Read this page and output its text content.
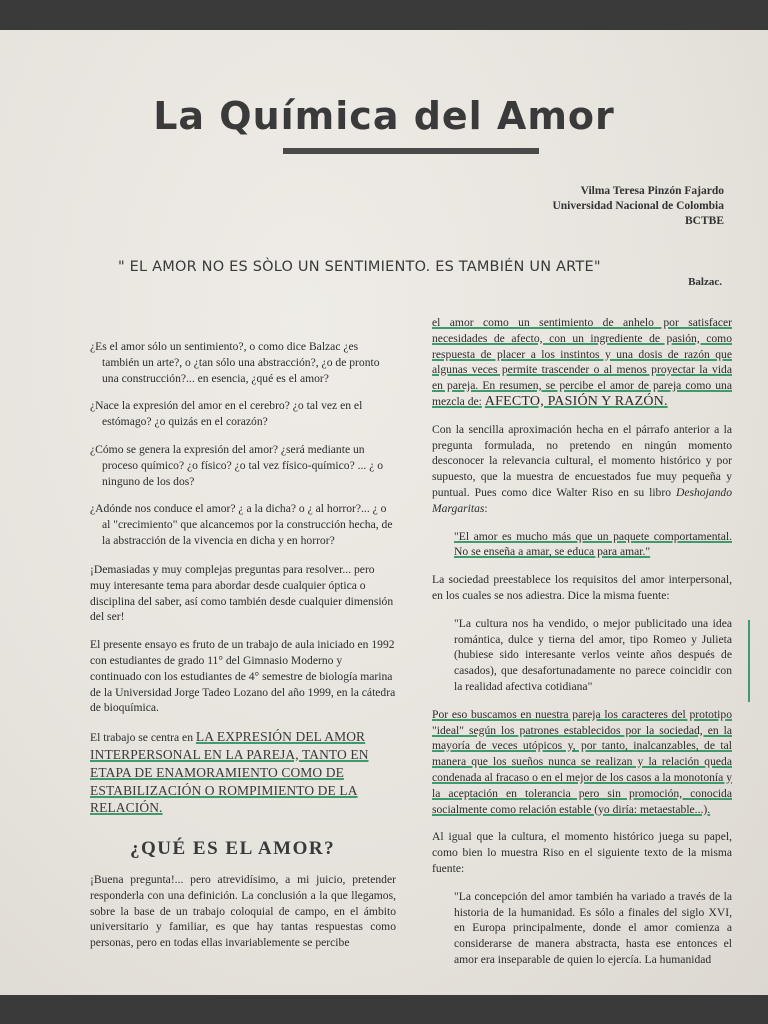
La Química del Amor
Vilma Teresa Pinzón Fajardo
Universidad Nacional de Colombia
BCTBE
" EL AMOR NO ES SÒLO UN SENTIMIENTO. ES TAMBIÉN UN ARTE"
Balzac.

¿Es el amor sólo un sentimiento?, o como dice Balzac ¿es también un arte?, o ¿tan sólo una abstracción?, ¿o de pronto una construcción?... en esencia, ¿qué es el amor?

¿Nace la expresión del amor en el cerebro? ¿o tal vez en el estómago? ¿o quizás en el corazón?

¿Cómo se genera la expresión del amor? ¿será mediante un proceso químico? ¿o físico? ¿o tal vez físico-químico? ... ¿ o ninguno de los dos?

¿Adónde nos conduce el amor? ¿ a la dicha? o ¿ al horror?... ¿ o al "crecimiento" que alcancemos por la construcción hecha, de la abstracción de la vivencia en dicha y en horror?

¡Demasiadas y muy complejas preguntas para resolver... pero muy interesante tema para abordar desde cualquier óptica o disciplina del saber, así como también desde cualquier dimensión del ser!

El presente ensayo es fruto de un trabajo de aula iniciado en 1992 con estudiantes de grado 11° del Gimnasio Moderno y continuado con los estudiantes de 4° semestre de biología marina de la Universidad Jorge Tadeo Lozano del año 1999, en la cátedra de bioquímica.

El trabajo se centra en LA EXPRESIÓN DEL AMOR INTERPERSONAL EN LA PAREJA, TANTO EN ETAPA DE ENAMORAMIENTO COMO DE ESTABILIZACIÓN O ROMPIMIENTO DE LA RELACIÓN.

¿QUÉ ES EL AMOR?

¡Buena pregunta!... pero atrevidísimo, a mi juicio, pretender responderla con una definición. La conclusión a la que llegamos, sobre la base de un trabajo coloquial de campo, en el ámbito universitario y familiar, es que hay tantas respuestas como personas, pero en todas ellas invariablemente se percibe

el amor como un sentimiento de anhelo por satisfacer necesidades de afecto, con un ingrediente de pasión, como respuesta de placer a los instintos y una dosis de razón que algunas veces permite trascender o al menos proyectar la vida en pareja. En resumen, se percibe el amor de pareja como una mezcla de: AFECTO, PASIÓN Y RAZÓN.

Con la sencilla aproximación hecha en el párrafo anterior a la pregunta formulada, no pretendo en ningún momento desconocer la relevancia cultural, el momento histórico y por supuesto, que la muestra de encuestados fue muy pequeña y puntual. Pues como dice Walter Riso en su libro Deshojando Margaritas:

"El amor es mucho más que un paquete comportamental. No se enseña a amar, se educa para amar."

La sociedad preestablece los requisitos del amor interpersonal, en los cuales se nos adiestra. Dice la misma fuente:

"La cultura nos ha vendido, o mejor publicitado una idea romántica, dulce y tierna del amor, tipo Romeo y Julieta (hubiese sido interesante verlos veinte años después de casados), que desafortunadamente no parece coincidir con la realidad afectiva cotidiana"

Por eso buscamos en nuestra pareja los caracteres del prototipo "ideal" según los patrones establecidos por la sociedad, en la mayoría de veces utópicos y, por tanto, inalcanzables, de tal manera que los sueños nunca se realizan y la relación queda condenada al fracaso o en el mejor de los casos a la monotonía y la aceptación en tolerancia pero sin promoción, conocida socialmente como relación estable (yo diría: metaestable...).

Al igual que la cultura, el momento histórico juega su papel, como bien lo muestra Riso en el siguiente texto de la misma fuente:

"La concepción del amor también ha variado a través de la historia de la humanidad. Es sólo a finales del siglo XVI, en Europa principalmente, donde el amor comienza a considerarse de manera abstracta, hasta ese entonces el amor era inseparable de quien lo ejercía. La humanidad
